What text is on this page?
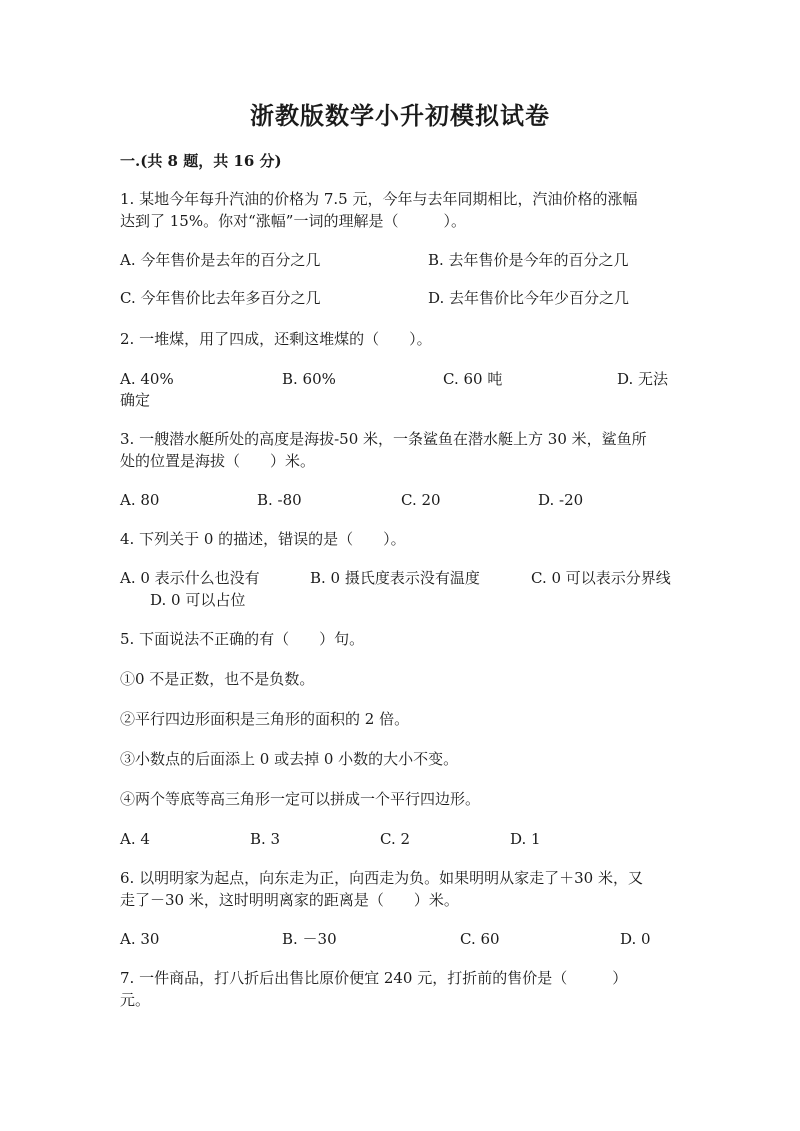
浙教版数学小升初模拟试卷
一.(共 8 题，共 16 分)
1. 某地今年每升汽油的价格为 7.5 元，今年与去年同期相比，汽油价格的涨幅
达到了 15%。你对“涨幅”一词的理解是（　　　）。
A. 今年售价是去年的百分之几	B. 去年售价是今年的百分之几
C. 今年售价比去年多百分之几	D. 去年售价比今年少百分之几
2. 一堆煤，用了四成，还剩这堆煤的（　　）。
A. 40%	B. 60%	C. 60 吨	D. 无法
确定
3. 一艘潜水艇所处的高度是海拔-50 米，一条鲨鱼在潜水艇上方 30 米，鲨鱼所
处的位置是海拔（　　）米。
A. 80	B. -80	C. 20	D. -20
4. 下列关于 0 的描述，错误的是（　　）。
A. 0 表示什么也没有	B. 0 摄氏度表示没有温度	C. 0 可以表示分界线
D. 0 可以占位
5. 下面说法不正确的有（　　）句。
①0 不是正数，也不是负数。
②平行四边形面积是三角形的面积的 2 倍。
③小数点的后面添上 0 或去掉 0 小数的大小不变。
④两个等底等高三角形一定可以拼成一个平行四边形。
A. 4	B. 3	C. 2	D. 1
6. 以明明家为起点，向东走为正，向西走为负。如果明明从家走了＋30 米，又
走了－30 米，这时明明离家的距离是（　　）米。
A. 30	B. －30	C. 60	D. 0
7. 一件商品，打八折后出售比原价便宜 240 元，打折前的售价是（　　　）
元。
